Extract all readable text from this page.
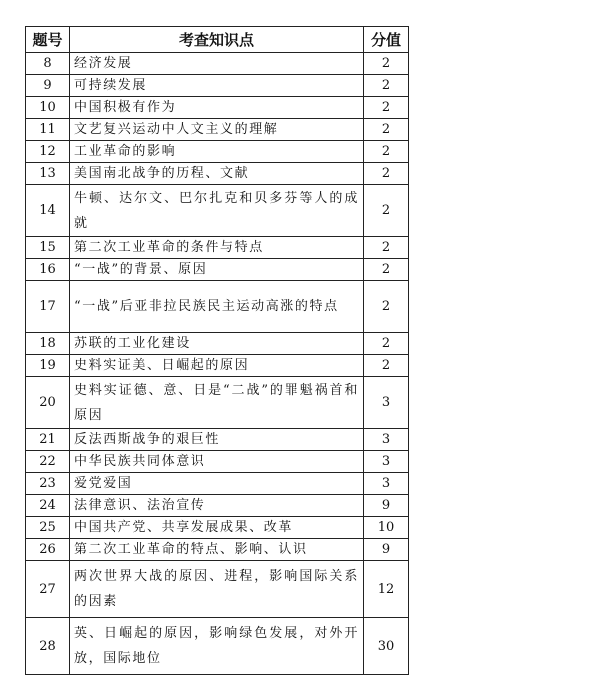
题号	考查知识点	分值
8	经济发展	2
9	可持续发展	2
10	中国积极有作为	2
11	文艺复兴运动中人文主义的理解	2
12	工业革命的影响	2
13	美国南北战争的历程、文献	2
14	牛顿、达尔文、巴尔扎克和贝多芬等人的成就	2
15	第二次工业革命的条件与特点	2
16	“一战”的背景、原因	2
17	“一战”后亚非拉民族民主运动高涨的特点	2
18	苏联的工业化建设	2
19	史料实证美、日崛起的原因	2
20	史料实证德、意、日是“二战”的罪魁祸首和原因	3
21	反法西斯战争的艰巨性	3
22	中华民族共同体意识	3
23	爱党爱国	3
24	法律意识、法治宣传	9
25	中国共产党、共享发展成果、改革	10
26	第二次工业革命的特点、影响、认识	9
27	两次世界大战的原因、进程，影响国际关系的因素	12
28	英、日崛起的原因，影响绿色发展，对外开放，国际地位	30
